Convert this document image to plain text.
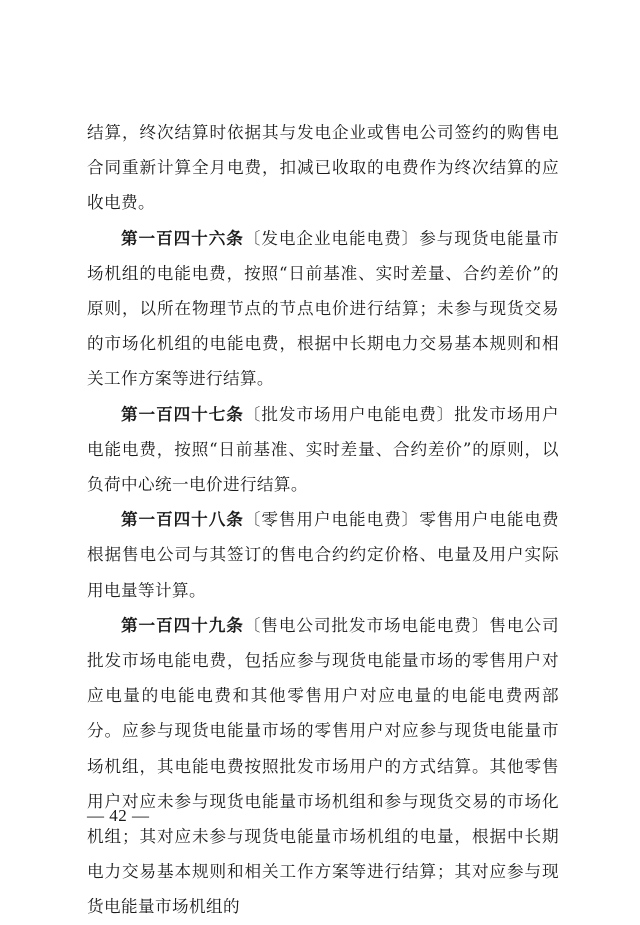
结算，终次结算时依据其与发电企业或售电公司签约的购售电合同重新计算全月电费，扣减已收取的电费作为终次结算的应收电费。

第一百四十六条〔发电企业电能电费〕参与现货电能量市场机组的电能电费，按照“日前基准、实时差量、合约差价”的原则，以所在物理节点的节点电价进行结算；未参与现货交易的市场化机组的电能电费，根据中长期电力交易基本规则和相关工作方案等进行结算。

第一百四十七条〔批发市场用户电能电费〕批发市场用户电能电费，按照“日前基准、实时差量、合约差价”的原则，以负荷中心统一电价进行结算。

第一百四十八条〔零售用户电能电费〕零售用户电能电费根据售电公司与其签订的售电合约约定价格、电量及用户实际用电量等计算。

第一百四十九条〔售电公司批发市场电能电费〕售电公司批发市场电能电费，包括应参与现货电能量市场的零售用户对应电量的电能电费和其他零售用户对应电量的电能电费两部分。应参与现货电能量市场的零售用户对应参与现货电能量市场机组，其电能电费按照批发市场用户的方式结算。其他零售用户对应未参与现货电能量市场机组和参与现货交易的市场化机组；其对应未参与现货电能量市场机组的电量，根据中长期电力交易基本规则和相关工作方案等进行结算；其对应参与现货电能量市场机组的

— 42 —
